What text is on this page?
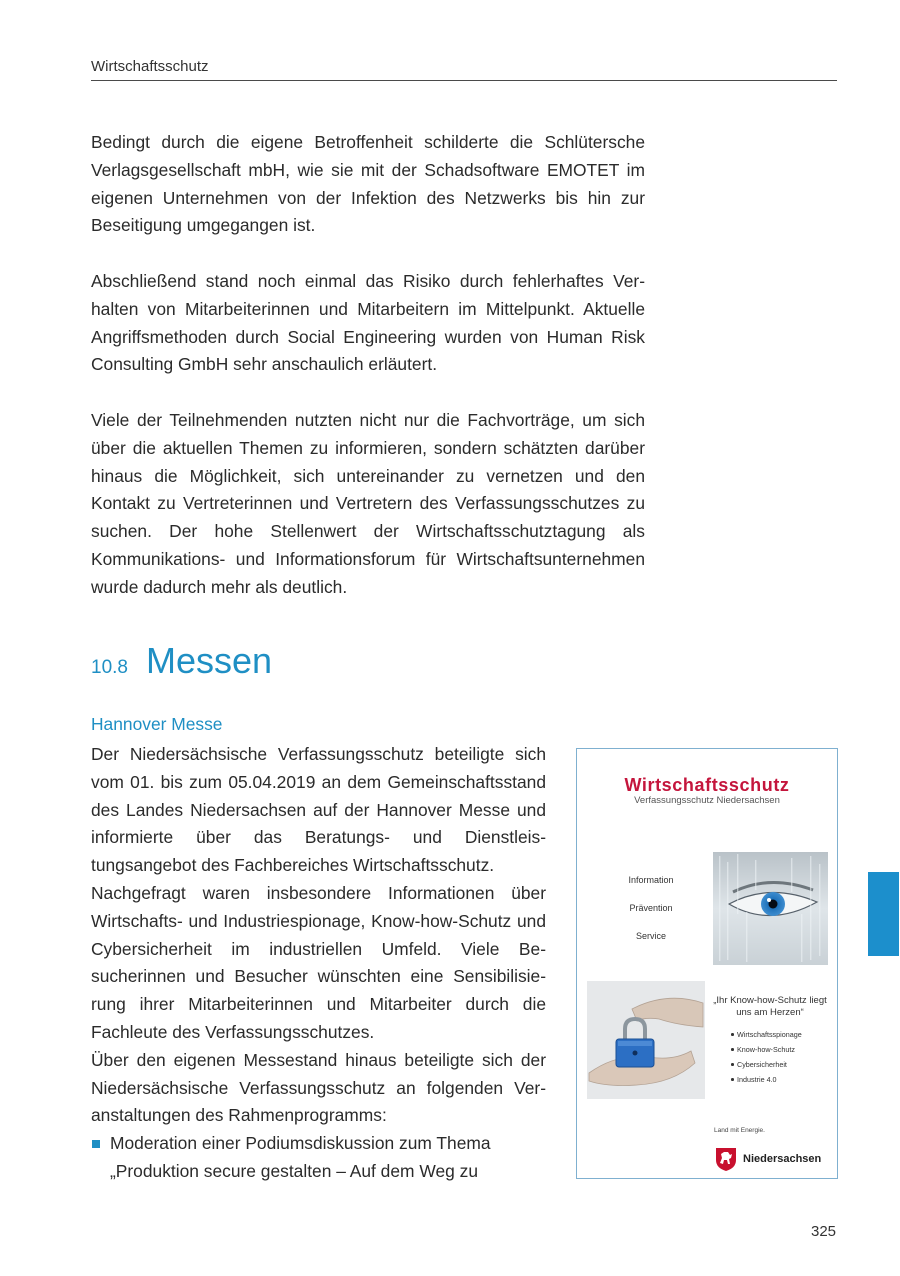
Wirtschaftsschutz
Bedingt durch die eigene Betroffenheit schilderte die Schlütersche Verlagsgesellschaft mbH, wie sie mit der Schadsoftware EMOTET im eigenen Unternehmen von der Infektion des Netzwerks bis hin zur Beseitigung umgegangen ist.
Abschließend stand noch einmal das Risiko durch fehlerhaftes Verhalten von Mitarbeiterinnen und Mitarbeitern im Mittelpunkt. Aktuelle Angriffsmethoden durch Social Engineering wurden von Human Risk Consulting GmbH sehr anschaulich erläutert.
Viele der Teilnehmenden nutzten nicht nur die Fachvorträge, um sich über die aktuellen Themen zu informieren, sondern schätzten darüber hinaus die Möglichkeit, sich untereinander zu vernetzen und den Kontakt zu Vertreterinnen und Vertretern des Verfassungsschutzes zu suchen. Der hohe Stellenwert der Wirtschaftsschutztagung als Kommunikations- und Informationsforum für Wirtschaftsunternehmen wurde dadurch mehr als deutlich.
10.8 Messen
Hannover Messe

Der Niedersächsische Verfassungsschutz beteiligte sich vom 01. bis zum 05.04.2019 an dem Gemeinschaftsstand des Landes Niedersachsen auf der Hannover Messe und informierte über das Beratungs- und Dienstleistungsangebot des Fachbereiches Wirtschaftsschutz.

Nachgefragt waren insbesondere Informationen über Wirtschafts- und Industriespionage, Know-how-Schutz und Cybersicherheit im industriellen Umfeld. Viele Besucherinnen und Besucher wünschten eine Sensibilisierung ihrer Mitarbeiterinnen und Mitarbeiter durch die Fachleute des Verfassungsschutzes.

Über den eigenen Messestand hinaus beteiligte sich der Niedersächsische Verfassungsschutz an folgenden Veranstaltungen des Rahmenprogramms:

Moderation einer Podiumsdiskussion zum Thema „Produktion secure gestalten – Auf dem Weg zu
Wirtschaftsschutz
Verfassungsschutz Niedersachsen
Information
Prävention
Service
„Ihr Know-how-Schutz liegt uns am Herzen“
Wirtschaftsspionage
Know-how-Schutz
Cybersicherheit
Industrie 4.0
Land mit Energie.
Niedersachsen
325
